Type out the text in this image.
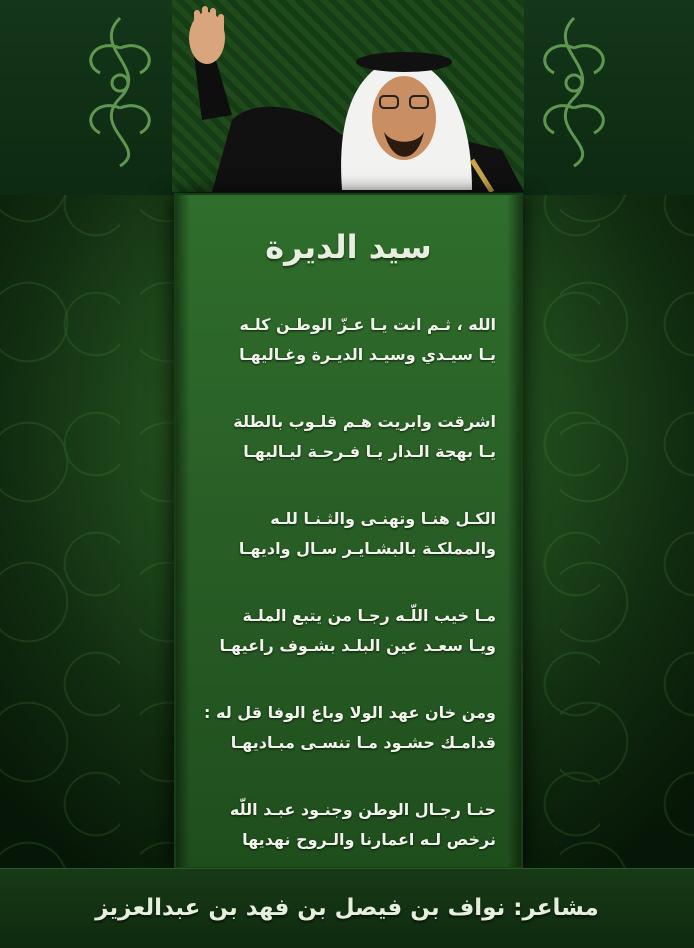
سيد الديرة
الله ، ثـم انت يـا عـزّ الوطـن كلـه
يـا سيـدي وسيـد الديـرة وغـاليهـا
اشرقت وابريت هـم قلـوب بالطلة
يـا بهجة الـدار يـا فـرحـة ليـاليهـا
الكـل هنـا وتهنـى والثـنـا للـه
والمملكـة بالبشـايـر سـال واديهـا
مـا خيب اللّـه رجـا من يتبع الملـة
ويـا سعـد عين البلـد بشـوف راعيهـا
ومن خان عهد الولا وباع الوفا قل له :
قدامـك حشـود مـا تنسـى مبـاديهـا
حنـا رجـال الوطن وجنـود عبـد اللّه
نرخص لـه اعمارنا والـروح نهديها
مشاعر: نواف بن فيصل بن فهد بن عبدالعزيز
